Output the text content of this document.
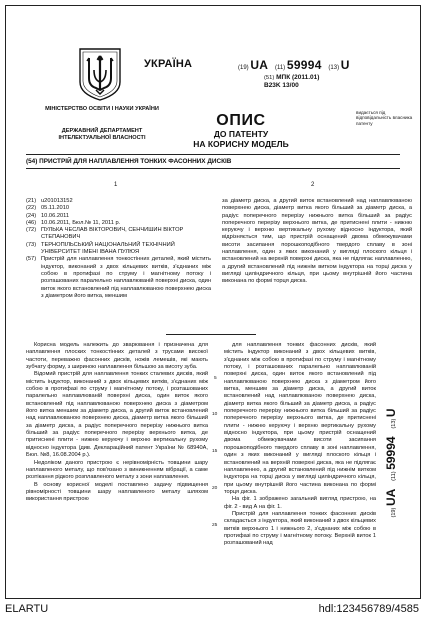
МІНІСТЕРСТВО ОСВІТИ І НАУКИ УКРАЇНИ
ДЕРЖАВНИЙ ДЕПАРТАМЕНТ ІНТЕЛЕКТУАЛЬНОЇ ВЛАСНОСТІ
УКРАЇНА	(19) UA (11) 59994 (13) U
(51) МПК (2011.01)
B23K 13/00
ОПИС
ДО ПАТЕНТУ
НА КОРИСНУ МОДЕЛЬ
видається під відповідальність власника патенту
(54) ПРИСТРІЙ ДЛЯ НАПЛАВЛЕННЯ ТОНКИХ ФАСОННИХ ДИСКІВ
1	2
(21) u201013152
(22) 05.11.2010
(24) 10.06.2011
(46) 10.06.2011, Бюл.№ 11, 2011 р.
(72) ПУЛЬКА ЧЕСЛАВ ВІКТОРОВИЧ, СЕНЧИШИН ВІКТОР СТЕПАНОВИЧ
(73) ТЕРНОПІЛЬСЬКИЙ НАЦІОНАЛЬНИЙ ТЕХНІЧНИЙ УНІВЕРСИТЕТ ІМЕНІ ІВАНА ПУЛЮЯ
(57) Пристрій для наплавлення тонкостінних деталей, який містить індуктор, виконаний з двох кільцевих витків, з'єднаних між собою в протифазі по струму і магнітному потоку і розташованих паралельно наплавлюваній поверхні диска, один виток якого встановлений під наплавлюваною поверхнею диска з діаметром його витка, меншим
за діаметр диска, а другий виток встановлений над наплавлюваною поверхнею диска, діаметр витка якого більший за діаметр диска, а радіус поперечного перерізу нижнього витка більший за радіус поперечного перерізу верхнього витка, де притиснені плити - нижню керуючу і верхню вертикальну рухому відносно індуктора, який відрізняється тим, що пристрій оснащений двома обмежувачами висоти засипання порошкоподібного твердого сплаву в зоні наплавлення, один з яких виконаний у вигляді плоского кільця і встановлений на верхній поверхні диска, яка не підлягає наплавленню, а другий встановлений під нижнім витком індуктора на торці диска у вигляді циліндричного кільця, при цьому внутрішній його частина виконана по формі торця диска.

Корисна модель належить до зварювання і призначена для наплавлення плоских тонкостінних деталей з трусами високої частоти, переважно фасонних дисків, ножів лемешів, які мають зубчату форму, з шириною наплавлення більшою за висоту зуба.

Відомий пристрій для наплавлення тонких сталевих дисків, який містить індуктор, виконаний з двох кільцевих витків, з'єднаних між собою в протифазі по струму і магнітному потоку, і розташованих паралельно наплавлюваній поверхні диска, один виток якого встановлений під наплавлюваною поверхнею диска з діаметром його витка меншим за діаметр диска, а другий виток встановлений над наплавлюваною поверхнею диска, діаметр витка якого більший за діаметр диска, а радіус поперечного перерізу нижнього витка більший за радіус поперечного перерізу верхнього витка, де притиснені плити - нижню керуючу і верхню вертикальну рухому відносно індуктора (див. Деклараційний патент України № 68940А, Бюл. №8, 16.08.2004 р.).

Недоліком даного пристрою є нерівномірність товщини шару наплавленого металу, що пов'язано з виникненням вібрації, а саме розтікання рідкого розплавленого металу з зони наплавлення.

В основу корисної моделі поставлено задачу підвищення рівномірності товщини шару наплавленого металу шляхом використання пристрою

5
10
15
20
25

для наплавлення тонких фасонних дисків, який містить індуктор виконаний з двох кільцевих витків, з'єднаних між собою в протифазі по струму і магнітному потоку, і розташованих паралельно наплавлюваній поверхні диска, один виток якого встановлений під наплавлюваною поверхнею диска з діаметром його витка, меншим за діаметр диска, а другий виток встановлений над наплавлюваною поверхнею диска, діаметр витка якого більший за діаметр диска, а радіус поперечного перерізу нижнього витка більший за радіус поперечного перерізу верхнього витка, де притиснені плити - нижню керуючу і верхню вертикальну рухому відносно індуктора, при цьому пристрій оснащений двома обмежувачами висоти засипання порошкоподібного твердого сплаву в зоні наплавлення, один з яких виконаний у вигляді плоского кільця і встановлений на верхній поверхні диска, яка не підлягає наплавленню, а другий встановлений під нижнім витком індуктора на торці диска у вигляді циліндричного кільця, при цьому внутрішній його частина виконана по формі торця диска.

На фіг. 1 зображено загальний вигляд пристрою, на фіг. 2 - вид А на фіг. 1.

Пристрій для наплавлення тонких фасонних дисків складається з індуктора, який виконаний з двох кільцевих витків верхнього 1 і нижнього 2, з'єднаних між собою в протифазі по струму і магнітному потоку. Верхній виток 1 розташований над

(19) UA     (11) 59994     (13) U
ELARTU	hdl:123456789/4585
